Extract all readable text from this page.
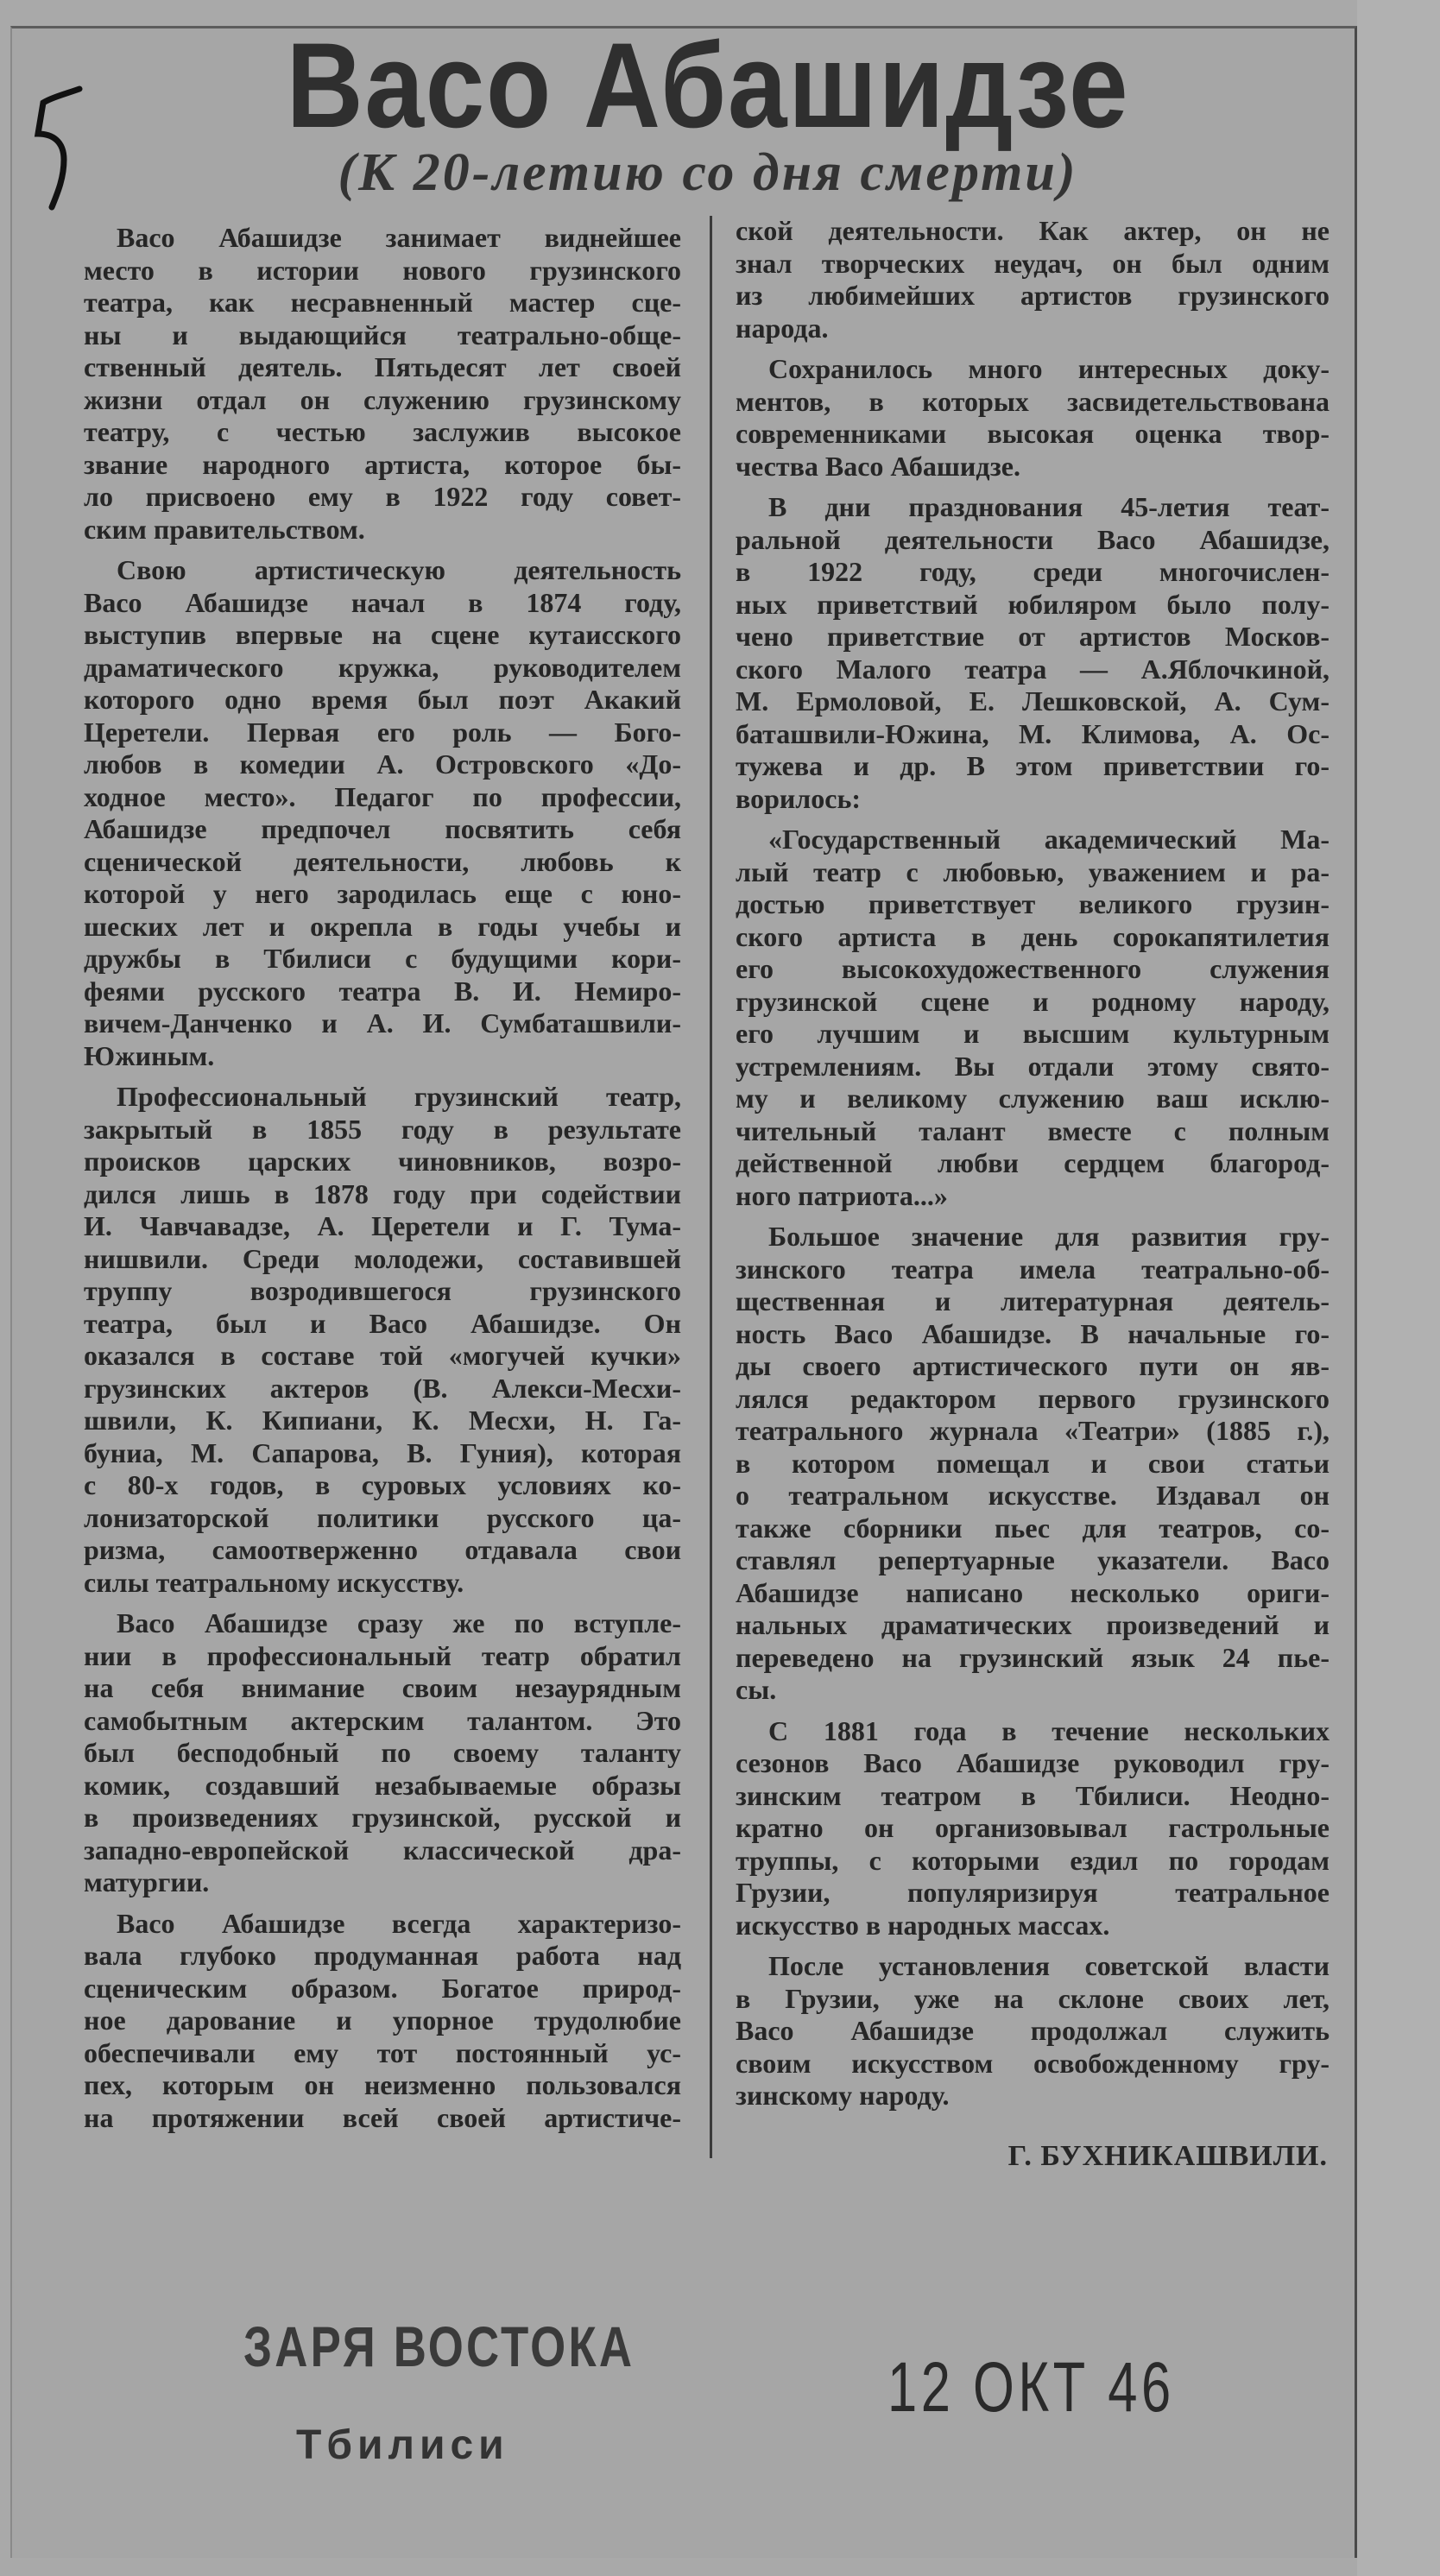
Васо Абашидзе
(К 20-летию со дня смерти)
Васо Абашидзе занимает виднейшее
место в истории нового грузинского
театра, как несравненный мастер сце-
ны и выдающийся театрально-обще-
ственный деятель. Пятьдесят лет своей
жизни отдал он служению грузинскому
театру, с честью заслужив высокое
звание народного артиста, которое бы-
ло присвоено ему в 1922 году совет-
ским правительством.
Свою артистическую деятельность
Васо Абашидзе начал в 1874 году,
выступив впервые на сцене кутаисского
драматического кружка, руководителем
которого одно время был поэт Акакий
Церетели. Первая его роль — Бого-
любов в комедии А. Островского «До-
ходное место». Педагог по профессии,
Абашидзе предпочел посвятить себя
сценической деятельности, любовь к
которой у него зародилась еще с юно-
шеских лет и окрепла в годы учебы и
дружбы в Тбилиси с будущими кори-
феями русского театра В. И. Немиро-
вичем-Данченко и А. И. Сумбаташвили-
Южиным.
Профессиональный грузинский театр,
закрытый в 1855 году в результате
происков царских чиновников, возро-
дился лишь в 1878 году при содействии
И. Чавчавадзе, А. Церетели и Г. Тума-
нишвили. Среди молодежи, составившей
труппу возродившегося грузинского
театра, был и Васо Абашидзе. Он
оказался в составе той «могучей кучки»
грузинских актеров (В. Алекси-Месхи-
швили, К. Кипиани, К. Месхи, Н. Га-
буниа, М. Сапарова, В. Гуния), которая
с 80-х годов, в суровых условиях ко-
лонизаторской политики русского ца-
ризма, самоотверженно отдавала свои
силы театральному искусству.
Васо Абашидзе сразу же по вступле-
нии в профессиональный театр обратил
на себя внимание своим незаурядным
самобытным актерским талантом. Это
был бесподобный по своему таланту
комик, создавший незабываемые образы
в произведениях грузинской, русской и
западно-европейской классической дра-
матургии.
Васо Абашидзе всегда характеризо-
вала глубоко продуманная работа над
сценическим образом. Богатое природ-
ное дарование и упорное трудолюбие
обеспечивали ему тот постоянный ус-
пех, которым он неизменно пользовался
на протяжении всей своей артистиче-
ской деятельности. Как актер, он не
знал творческих неудач, он был одним
из любимейших артистов грузинского
народа.
Сохранилось много интересных доку-
ментов, в которых засвидетельствована
современниками высокая оценка твор-
чества Васо Абашидзе.
В дни празднования 45-летия теат-
ральной деятельности Васо Абашидзе,
в 1922 году, среди многочислен-
ных приветствий юбиляром было полу-
чено приветствие от артистов Москов-
ского Малого театра — А.Яблочкиной,
М. Ермоловой, Е. Лешковской, А. Сум-
баташвили-Южина, М. Климова, А. Ос-
тужева и др. В этом приветствии го-
ворилось:
«Государственный академический Ма-
лый театр с любовью, уважением и ра-
достью приветствует великого грузин-
ского артиста в день сорокапятилетия
его высокохудожественного служения
грузинской сцене и родному народу,
его лучшим и высшим культурным
устремлениям. Вы отдали этому свято-
му и великому служению ваш исклю-
чительный талант вместе с полным
действенной любви сердцем благород-
ного патриота...»
Большое значение для развития гру-
зинского театра имела театрально-об-
щественная и литературная деятель-
ность Васо Абашидзе. В начальные го-
ды своего артистического пути он яв-
лялся редактором первого грузинского
театрального журнала «Театри» (1885 г.),
в котором помещал и свои статьи
о театральном искусстве. Издавал он
также сборники пьес для театров, со-
ставлял репертуарные указатели. Васо
Абашидзе написано несколько ориги-
нальных драматических произведений и
переведено на грузинский язык 24 пье-
сы.
С 1881 года в течение нескольких
сезонов Васо Абашидзе руководил гру-
зинским театром в Тбилиси. Неодно-
кратно он организовывал гастрольные
труппы, с которыми ездил по городам
Грузии, популяризируя театральное
искусство в народных массах.
После установления советской власти
в Грузии, уже на склоне своих лет,
Васо Абашидзе продолжал служить
своим искусством освобожденному гру-
зинскому народу.
Г. БУХНИКАШВИЛИ.
ЗАРЯ ВОСТОКА
Тбилиси
12 ОКТ 46
